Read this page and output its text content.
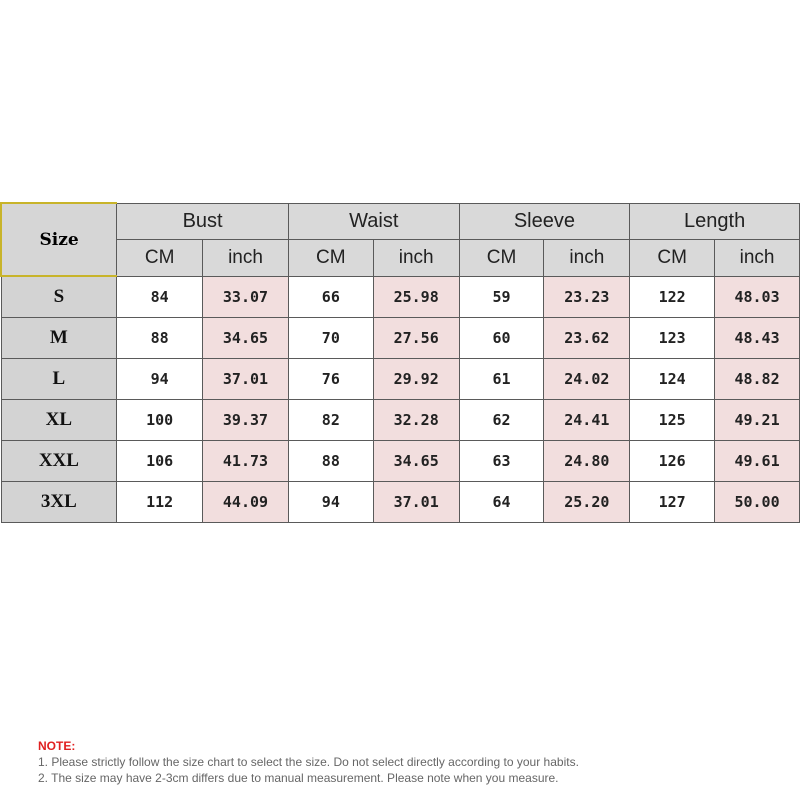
Size	Bust		Waist		Sleeve		Length	
	CM	inch	CM	inch	CM	inch	CM	inch
S	84	33.07	66	25.98	59	23.23	122	48.03
M	88	34.65	70	27.56	60	23.62	123	48.43
L	94	37.01	76	29.92	61	24.02	124	48.82
XL	100	39.37	82	32.28	62	24.41	125	49.21
XXL	106	41.73	88	34.65	63	24.80	126	49.61
3XL	112	44.09	94	37.01	64	25.20	127	50.00
NOTE:
1. Please strictly follow the size chart to select the size. Do not select directly according to your habits.
2. The size may have 2-3cm differs due to manual measurement. Please note when you measure.
